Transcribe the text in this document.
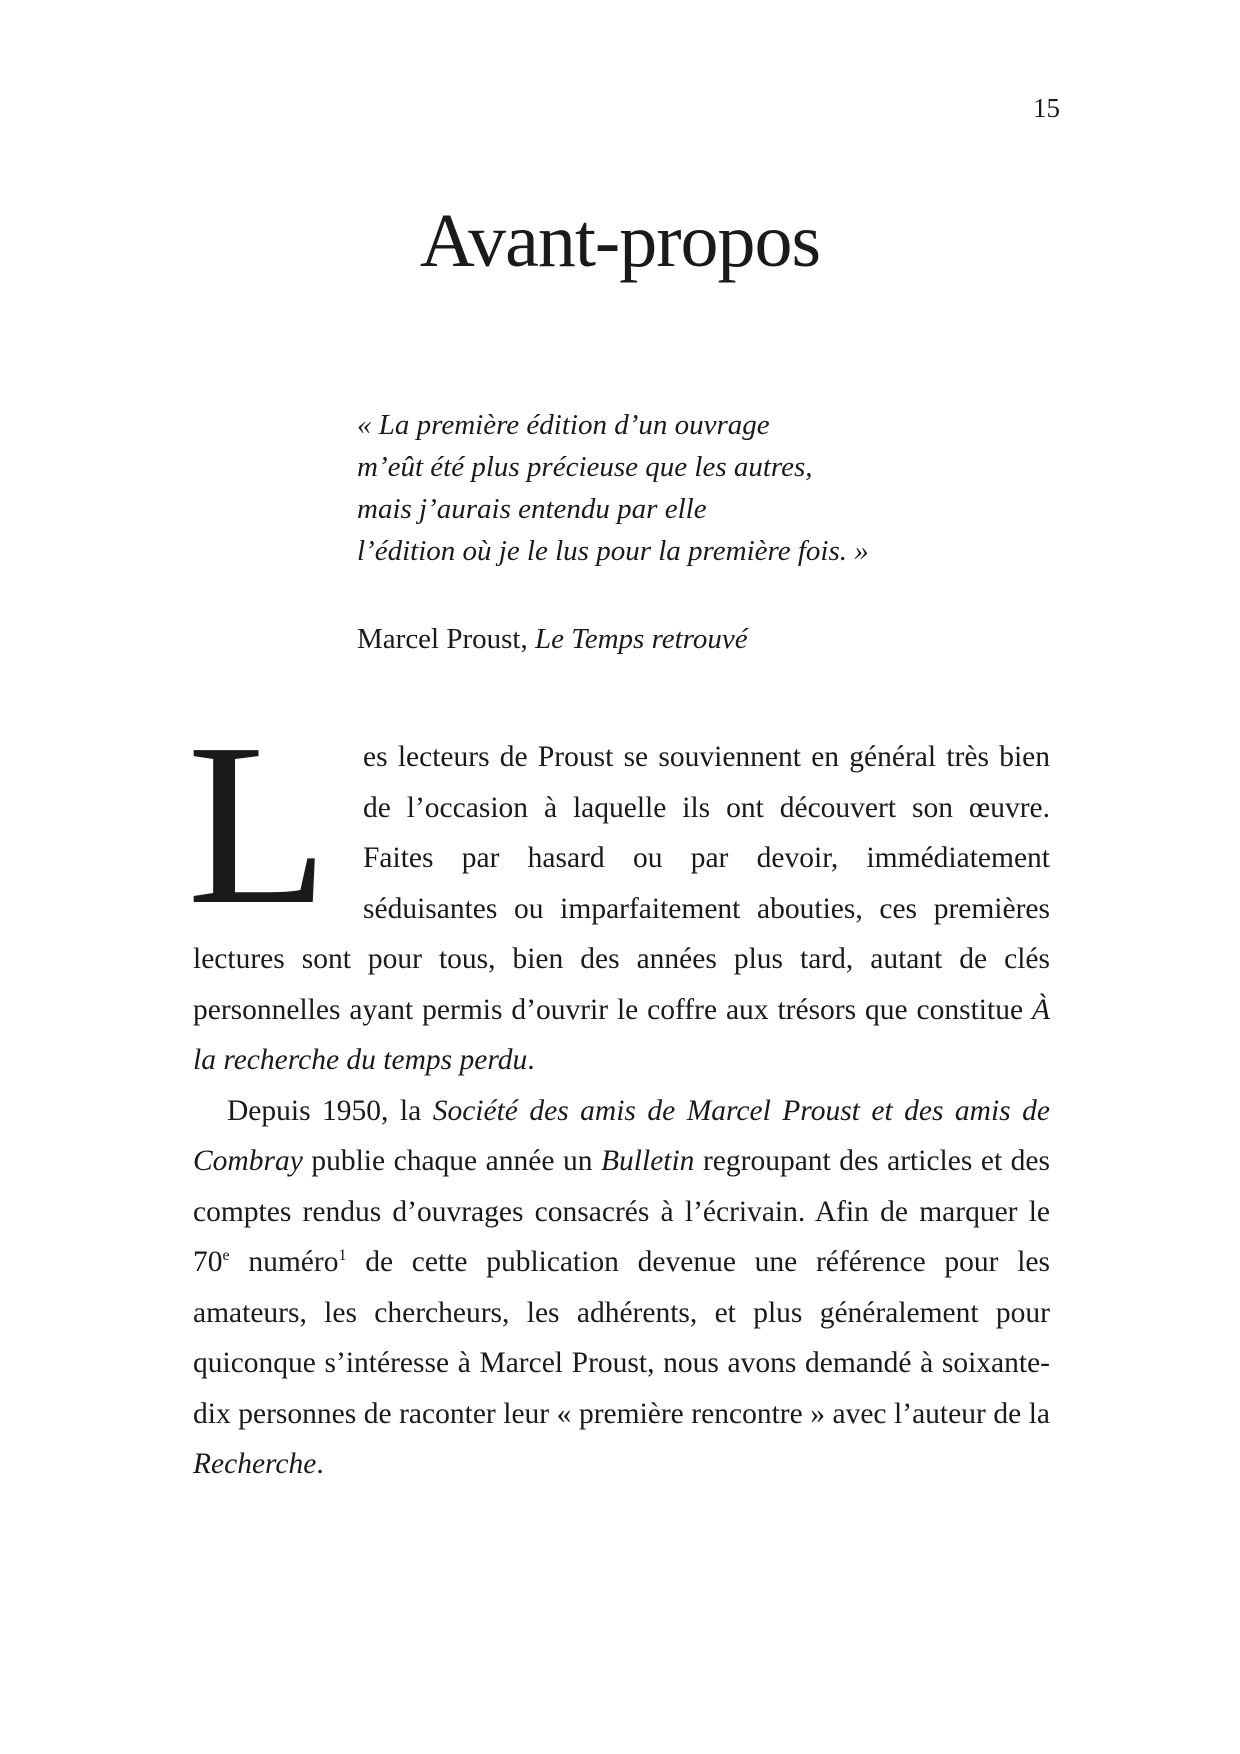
15
Avant-propos
« La première édition d’un ouvrage
m’eût été plus précieuse que les autres,
mais j’aurais entendu par elle
l’édition où je le lus pour la première fois. »
Marcel Proust, Le Temps retrouvé

L	es lecteurs de Proust se souviennent en général très bien de l’occasion à laquelle ils ont découvert son œuvre. Faites par hasard ou par devoir, immédiatement séduisantes ou imparfaitement abouties, ces premières lectures sont pour tous, bien des années plus tard, autant de clés personnelles ayant permis d’ouvrir le coffre aux trésors que constitue À la recherche du temps perdu.

Depuis 1950, la Société des amis de Marcel Proust et des amis de Combray publie chaque année un Bulletin regroupant des articles et des comptes rendus d’ouvrages consacrés à l’écrivain. Afin de marquer le 70e numéro$^1$ de cette publication devenue une référence pour les amateurs, les chercheurs, les adhérents, et plus généralement pour quiconque s’intéresse à Marcel Proust, nous avons demandé à soixante-dix personnes de raconter leur « première rencontre » avec l’auteur de la Recherche.
